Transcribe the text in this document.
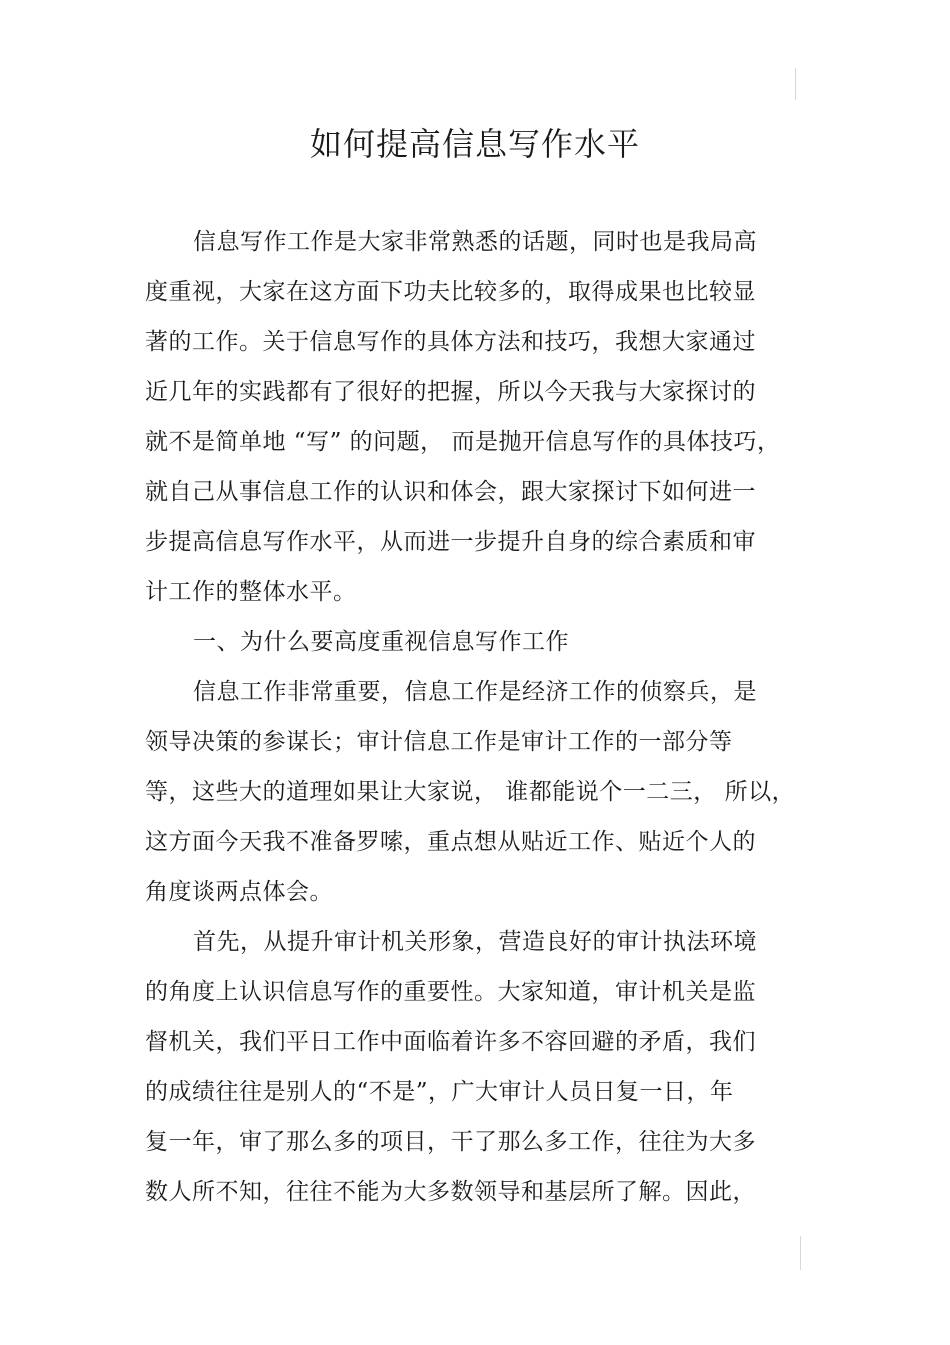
如何提高信息写作水平
信息写作工作是大家非常熟悉的话题，同时也是我局高
度重视，大家在这方面下功夫比较多的，取得成果也比较显
著的工作。关于信息写作的具体方法和技巧，我想大家通过
近几年的实践都有了很好的把握，所以今天我与大家探讨的
就不是简单地 “写” 的问题， 而是抛开信息写作的具体技巧，
就自己从事信息工作的认识和体会，跟大家探讨下如何进一
步提高信息写作水平，从而进一步提升自身的综合素质和审
计工作的整体水平。
一、为什么要高度重视信息写作工作
信息工作非常重要，信息工作是经济工作的侦察兵，是
领导决策的参谋长；审计信息工作是审计工作的一部分等
等，这些大的道理如果让大家说， 谁都能说个一二三， 所以，
这方面今天我不准备罗嗦，重点想从贴近工作、贴近个人的
角度谈两点体会。
首先，从提升审计机关形象，营造良好的审计执法环境
的角度上认识信息写作的重要性。大家知道，审计机关是监
督机关，我们平日工作中面临着许多不容回避的矛盾，我们
的成绩往往是别人的“不是”，广大审计人员日复一日，年
复一年，审了那么多的项目，干了那么多工作，往往为大多
数人所不知，往往不能为大多数领导和基层所了解。因此，
